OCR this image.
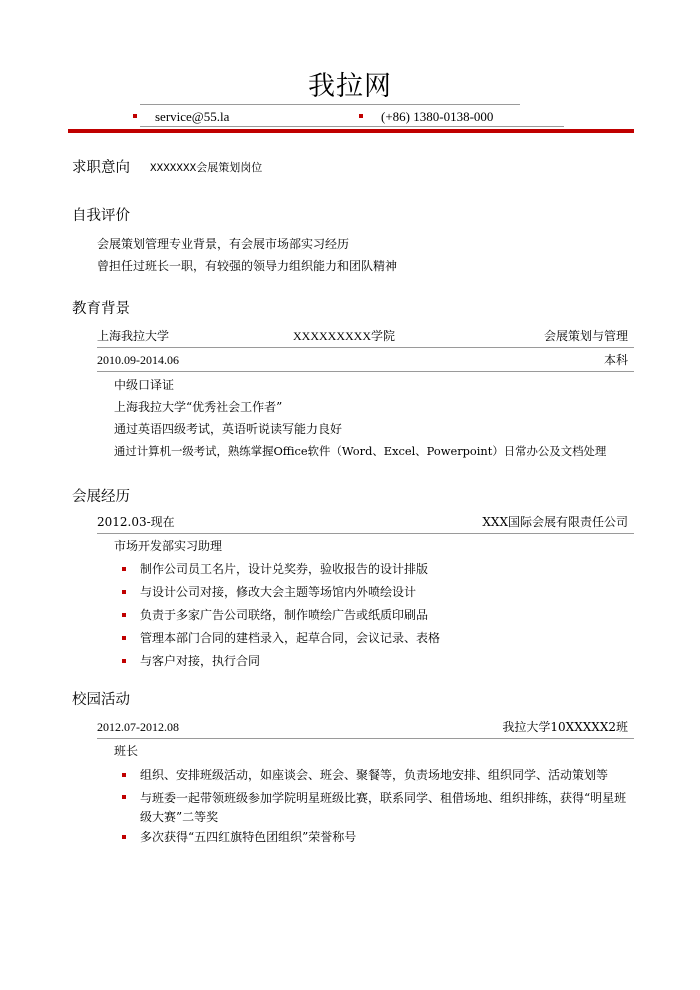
我拉网
service@55.la	(+86) 1380-0138-000
求职意向 XXXXXXX会展策划岗位
自我评价
会展策划管理专业背景，有会展市场部实习经历
曾担任过班长一职，有较强的领导力组织能力和团队精神
教育背景
上海我拉大学	XXXXXXXXX学院	会展策划与管理
2010.09-2014.06	本科
中级口译证
上海我拉大学“优秀社会工作者”
通过英语四级考试，英语听说读写能力良好
通过计算机一级考试，熟练掌握Office软件（Word、Excel、Powerpoint）日常办公及文档处理
会展经历
2012.03-现在	XXX国际会展有限责任公司
市场开发部实习助理
制作公司员工名片，设计兑奖券，验收报告的设计排版
与设计公司对接，修改大会主题等场馆内外喷绘设计
负责于多家广告公司联络，制作喷绘广告或纸质印刷品
管理本部门合同的建档录入，起草合同，会议记录、表格
与客户对接，执行合同
校园活动
2012.07-2012.08	我拉大学10XXXXX2班
班长
组织、安排班级活动，如座谈会、班会、聚餐等，负责场地安排、组织同学、活动策划等
与班委一起带领班级参加学院明星班级比赛，联系同学、租借场地、组织排练，获得“明星班级大赛”二等奖
多次获得“五四红旗特色团组织”荣誉称号
